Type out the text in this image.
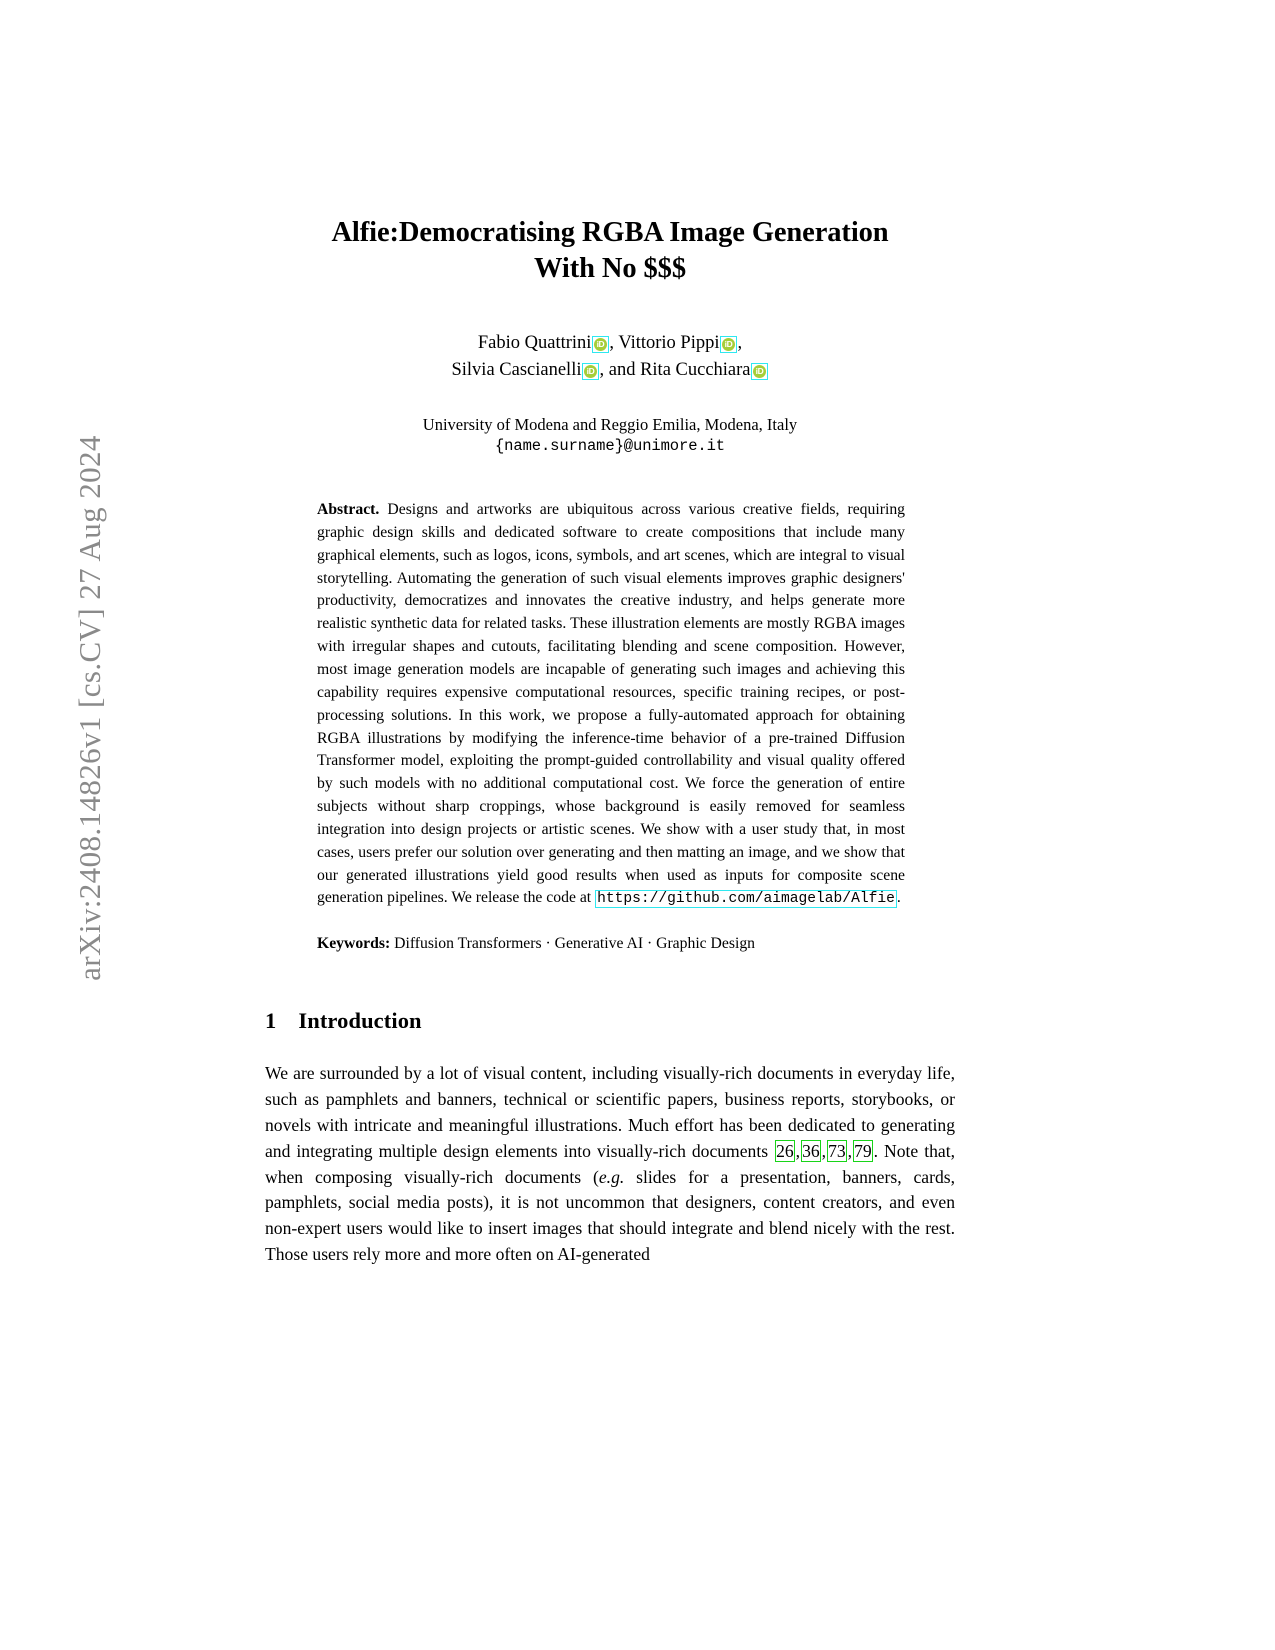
arXiv:2408.14826v1 [cs.CV] 27 Aug 2024
Alfie:Democratising RGBA Image Generation
With No $$$
Fabio Quattrini iD , Vittorio Pippi iD ,
Silvia Cascianelli iD , and Rita Cucchiara iD
University of Modena and Reggio Emilia, Modena, Italy
{name.surname}@unimore.it
Abstract. Designs and artworks are ubiquitous across various creative fields, requiring graphic design skills and dedicated software to create compositions that include many graphical elements, such as logos, icons, symbols, and art scenes, which are integral to visual storytelling. Automating the generation of such visual elements improves graphic designers' productivity, democratizes and innovates the creative industry, and helps generate more realistic synthetic data for related tasks. These illustration elements are mostly RGBA images with irregular shapes and cutouts, facilitating blending and scene composition. However, most image generation models are incapable of generating such images and achieving this capability requires expensive computational resources, specific training recipes, or post-processing solutions. In this work, we propose a fully-automated approach for obtaining RGBA illustrations by modifying the inference-time behavior of a pre-trained Diffusion Transformer model, exploiting the prompt-guided controllability and visual quality offered by such models with no additional computational cost. We force the generation of entire subjects without sharp croppings, whose background is easily removed for seamless integration into design projects or artistic scenes. We show with a user study that, in most cases, users prefer our solution over generating and then matting an image, and we show that our generated illustrations yield good results when used as inputs for composite scene generation pipelines. We release the code at https://github.com/aimagelab/Alfie .
Keywords: Diffusion Transformers · Generative AI · Graphic Design
1 Introduction
We are surrounded by a lot of visual content, including visually-rich documents in everyday life, such as pamphlets and banners, technical or scientific papers, business reports, storybooks, or novels with intricate and meaningful illustrations. Much effort has been dedicated to generating and integrating multiple design elements into visually-rich documents 26 , 36 , 73 , 79 . Note that, when composing visually-rich documents (e.g. slides for a presentation, banners, cards, pamphlets, social media posts), it is not uncommon that designers, content creators, and even non-expert users would like to insert images that should integrate and blend nicely with the rest. Those users rely more and more often on AI-generated
